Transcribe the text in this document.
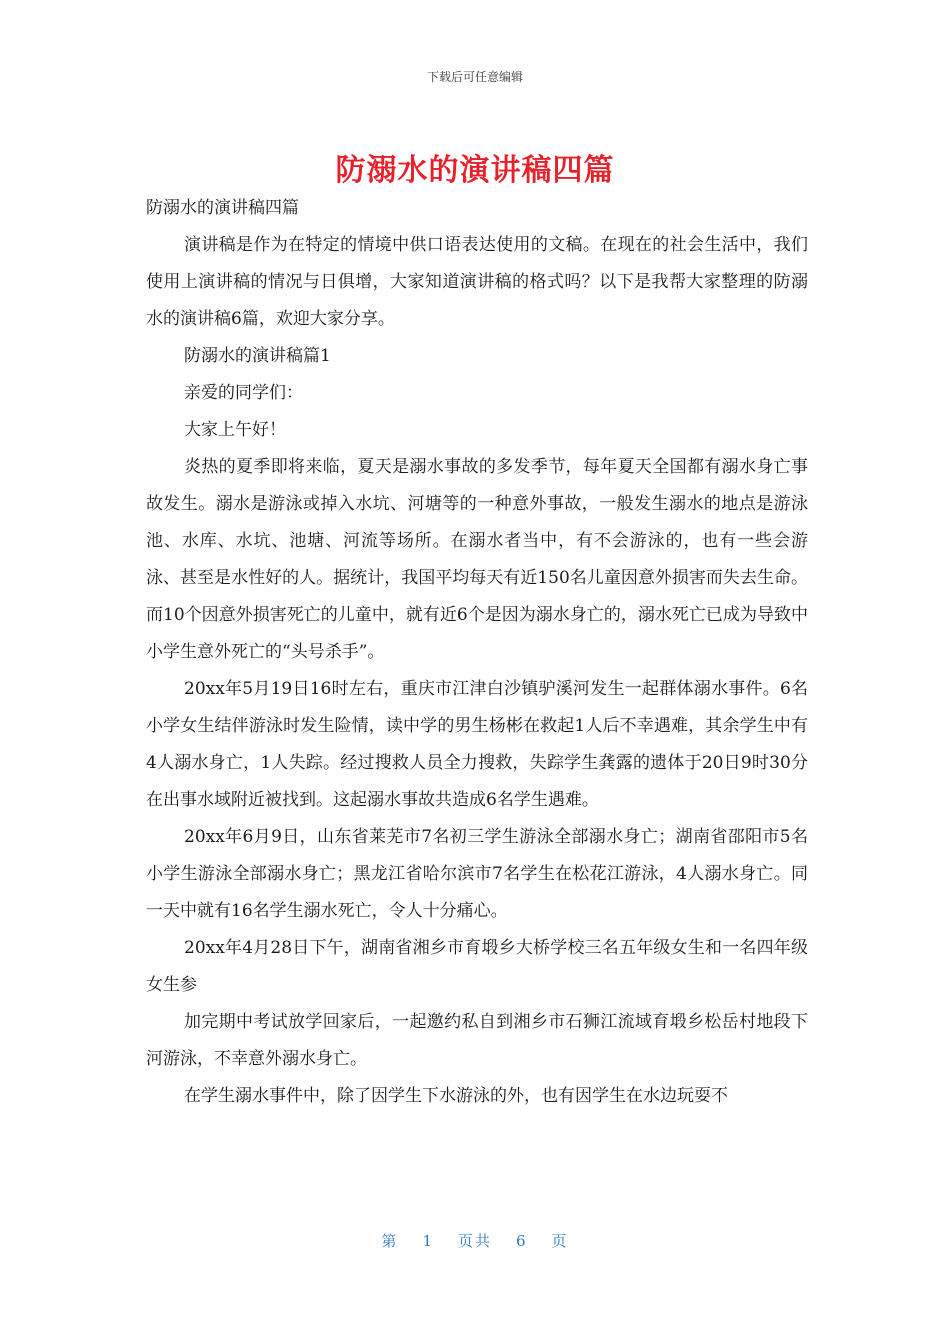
下载后可任意编辑
防溺水的演讲稿四篇

防溺水的演讲稿四篇

演讲稿是作为在特定的情境中供口语表达使用的文稿。在现在的社会生活中，我们使用上演讲稿的情况与日俱增，大家知道演讲稿的格式吗？以下是我帮大家整理的防溺水的演讲稿6篇，欢迎大家分享。

防溺水的演讲稿篇1

亲爱的同学们：

大家上午好！

炎热的夏季即将来临，夏天是溺水事故的多发季节，每年夏天全国都有溺水身亡事故发生。溺水是游泳或掉入水坑、河塘等的一种意外事故，一般发生溺水的地点是游泳池、水库、水坑、池塘、河流等场所。在溺水者当中，有不会游泳的，也有一些会游泳、甚至是水性好的人。据统计，我国平均每天有近150名儿童因意外损害而失去生命。而10个因意外损害死亡的儿童中，就有近6个是因为溺水身亡的，溺水死亡已成为导致中小学生意外死亡的“头号杀手”。

20xx年5月19日16时左右，重庆市江津白沙镇驴溪河发生一起群体溺水事件。6名小学女生结伴游泳时发生险情，读中学的男生杨彬在救起1人后不幸遇难，其余学生中有4人溺水身亡，1人失踪。经过搜救人员全力搜救，失踪学生龚露的遗体于20日9时30分在出事水域附近被找到。这起溺水事故共造成6名学生遇难。

20xx年6月9日，山东省莱芜市7名初三学生游泳全部溺水身亡；湖南省邵阳市5名小学生游泳全部溺水身亡；黑龙江省哈尔滨市7名学生在松花江游泳，4人溺水身亡。同一天中就有16名学生溺水死亡，令人十分痛心。

20xx年4月28日下午，湖南省湘乡市育塅乡大桥学校三名五年级女生和一名四年级女生参

加完期中考试放学回家后，一起邀约私自到湘乡市石狮江流域育塅乡松岳村地段下河游泳，不幸意外溺水身亡。

在学生溺水事件中，除了因学生下水游泳的外，也有因学生在水边玩耍不

第 1 页共 6 页
